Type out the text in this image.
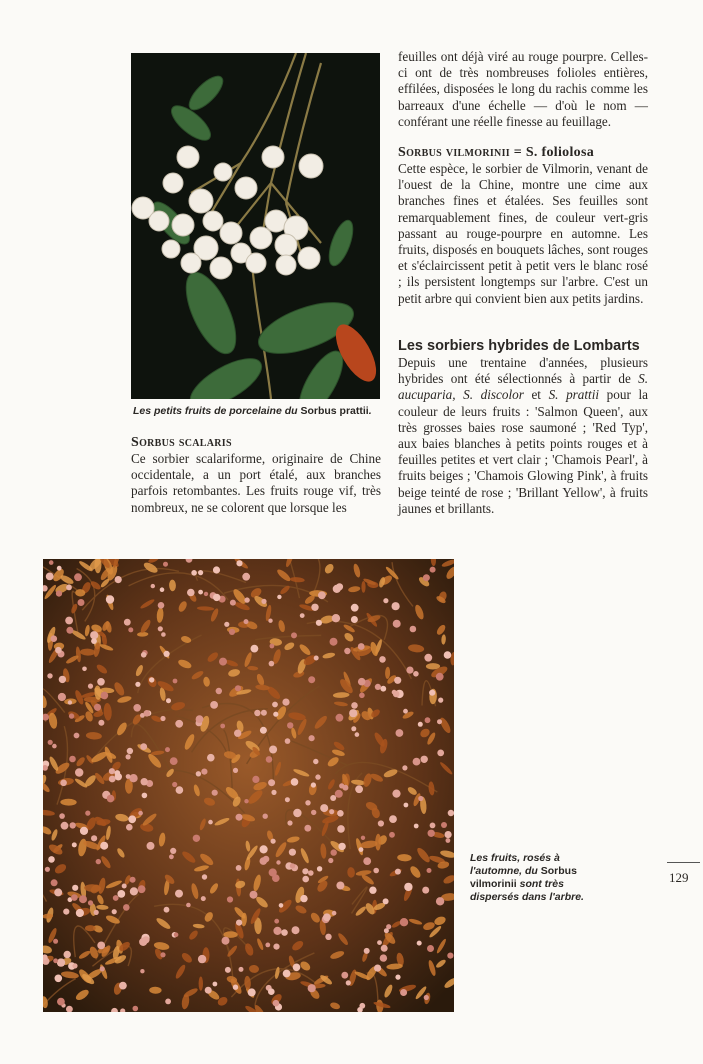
Les petits fruits de porcelaine du Sorbus prattii.
Sorbus scalaris
Ce sorbier scalariforme, originaire de Chine occidentale, a un port étalé, aux branches parfois retombantes. Les fruits rouge vif, très nombreux, ne se colorent que lorsque les
feuilles ont déjà viré au rouge pourpre. Celles-ci ont de très nombreuses folioles entières, effilées, disposées le long du rachis comme les barreaux d'une échelle — d'où le nom — conférant une réelle finesse au feuillage.
Sorbus vilmorinii = S. foliolosa
Cette espèce, le sorbier de Vilmorin, venant de l'ouest de la Chine, montre une cime aux branches fines et étalées. Ses feuilles sont remarquablement fines, de couleur vert-gris passant au rouge-pourpre en automne. Les fruits, disposés en bouquets lâches, sont rouges et s'éclaircissent petit à petit vers le blanc rosé ; ils persistent longtemps sur l'arbre. C'est un petit arbre qui convient bien aux petits jardins.
Les sorbiers hybrides de Lombarts
Depuis une trentaine d'années, plusieurs hybrides ont été sélectionnés à partir de S. aucuparia, S. discolor et S. prattii pour la couleur de leurs fruits : 'Salmon Queen', aux très grosses baies rose saumoné ; 'Red Typ', aux baies blanches à petits points rouges et à feuilles petites et vert clair ; 'Chamois Pearl', à fruits beiges ; 'Chamois Glowing Pink', à fruits beige teinté de rose ; 'Brillant Yellow', à fruits jaunes et brillants.
Les fruits, rosés à l'automne, du Sorbus vilmorinii sont très dispersés dans l'arbre.
129
